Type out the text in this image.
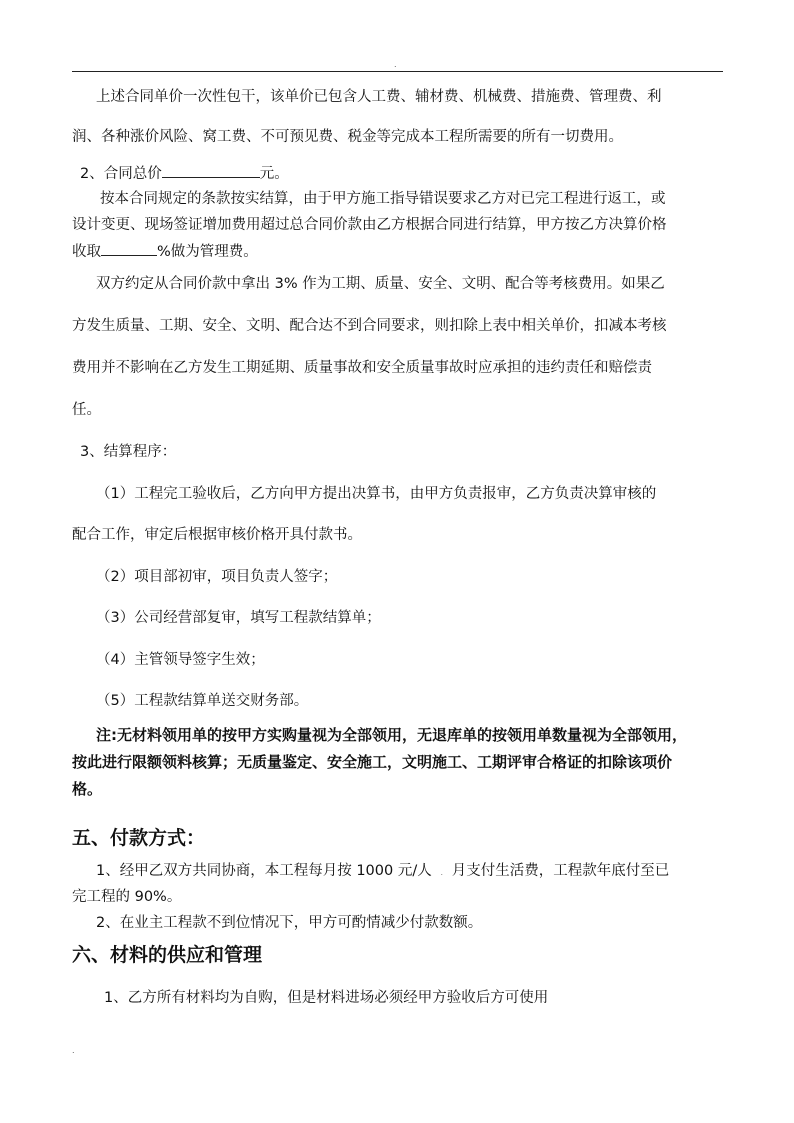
.
上述合同单价一次性包干，该单价已包含人工费、辅材费、机械费、措施费、管理费、利
润、各种涨价风险、窝工费、不可预见费、税金等完成本工程所需要的所有一切费用。
2、合同总价	元。
按本合同规定的条款按实结算，由于甲方施工指导错误要求乙方对已完工程进行返工，或
设计变更、现场签证增加费用超过总合同价款由乙方根据合同进行结算，甲方按乙方决算价格
收取	%做为管理费。
双方约定从合同价款中拿出 3% 作为工期、质量、安全、文明、配合等考核费用。如果乙
方发生质量、工期、安全、文明、配合达不到合同要求，则扣除上表中相关单价，扣减本考核
费用并不影响在乙方发生工期延期、质量事故和安全质量事故时应承担的违约责任和赔偿责
任。
3、结算程序：
（1）工程完工验收后，乙方向甲方提出决算书，由甲方负责报审，乙方负责决算审核的
配合工作，审定后根据审核价格开具付款书。
（2）项目部初审，项目负责人签字；
（3）公司经营部复审，填写工程款结算单；
（4）主管领导签字生效；
（5）工程款结算单送交财务部。
注:无材料领用单的按甲方实购量视为全部领用，无退库单的按领用单数量视为全部领用，
按此进行限额领料核算；无质量鉴定、安全施工，文明施工、工期评审合格证的扣除该项价
格。
五、付款方式：
1、经甲乙双方共同协商，本工程每月按 1000 元/人 . 月支付生活费，工程款年底付至已
完工程的 90%。
2、在业主工程款不到位情况下，甲方可酌情减少付款数额。
六、材料的供应和管理
1、乙方所有材料均为自购，但是材料进场必须经甲方验收后方可使用
.
